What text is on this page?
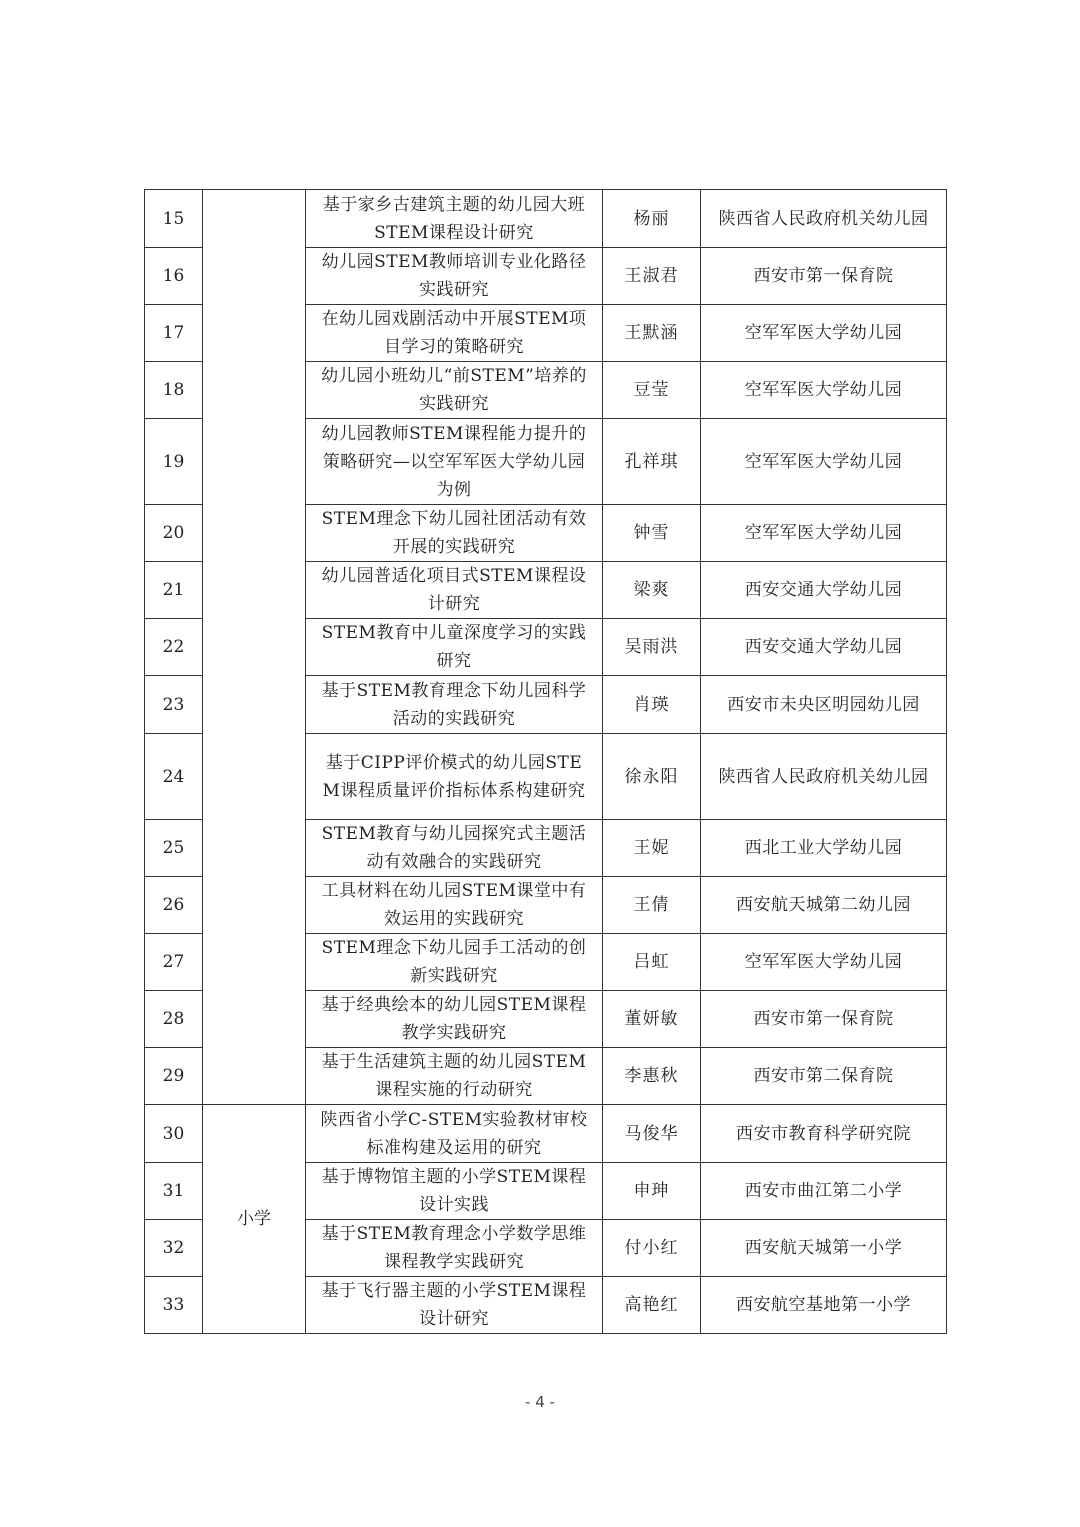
15		基于家乡古建筑主题的幼儿园大班STEM课程设计研究	杨丽	陕西省人民政府机关幼儿园
16		幼儿园STEM教师培训专业化路径实践研究	王淑君	西安市第一保育院
17		在幼儿园戏剧活动中开展STEM项目学习的策略研究	王默涵	空军军医大学幼儿园
18		幼儿园小班幼儿“前STEM”培养的实践研究	豆莹	空军军医大学幼儿园
19		幼儿园教师STEM课程能力提升的策略研究—以空军军医大学幼儿园为例	孔祥琪	空军军医大学幼儿园
20		STEM理念下幼儿园社团活动有效开展的实践研究	钟雪	空军军医大学幼儿园
21		幼儿园普适化项目式STEM课程设计研究	梁爽	西安交通大学幼儿园
22		STEM教育中儿童深度学习的实践研究	吴雨洪	西安交通大学幼儿园
23		基于STEM教育理念下幼儿园科学活动的实践研究	肖瑛	西安市未央区明园幼儿园
24		基于CIPP评价模式的幼儿园STEM课程质量评价指标体系构建研究	徐永阳	陕西省人民政府机关幼儿园
25		STEM教育与幼儿园探究式主题活动有效融合的实践研究	王妮	西北工业大学幼儿园
26		工具材料在幼儿园STEM课堂中有效运用的实践研究	王倩	西安航天城第二幼儿园
27		STEM理念下幼儿园手工活动的创新实践研究	吕虹	空军军医大学幼儿园
28		基于经典绘本的幼儿园STEM课程教学实践研究	董妍敏	西安市第一保育院
29		基于生活建筑主题的幼儿园STEM课程实施的行动研究	李惠秋	西安市第二保育院
30	小学	陕西省小学C-STEM实验教材审校标准构建及运用的研究	马俊华	西安市教育科学研究院
31		基于博物馆主题的小学STEM课程设计实践	申珅	西安市曲江第二小学
32		基于STEM教育理念小学数学思维课程教学实践研究	付小红	西安航天城第一小学
33		基于飞行器主题的小学STEM课程设计研究	高艳红	西安航空基地第一小学
- 4 -
